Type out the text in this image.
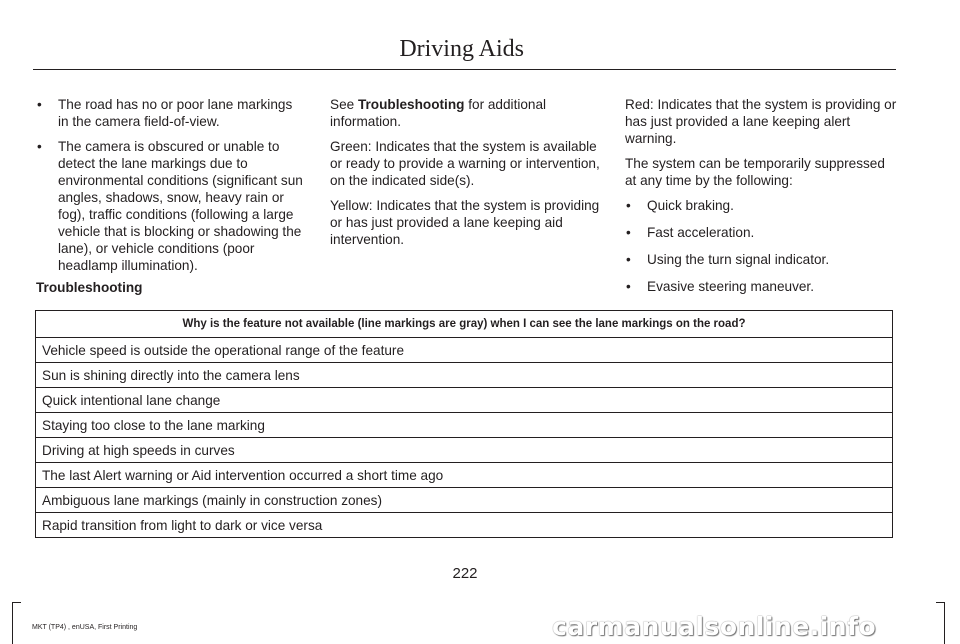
Driving Aids
• The road has no or poor lane markings in the camera field-of-view.
• The camera is obscured or unable to detect the lane markings due to environmental conditions (significant sun angles, shadows, snow, heavy rain or fog), traffic conditions (following a large vehicle that is blocking or shadowing the lane), or vehicle conditions (poor headlamp illumination).

See Troubleshooting for additional information.

Green: Indicates that the system is available or ready to provide a warning or intervention, on the indicated side(s).

Yellow: Indicates that the system is providing or has just provided a lane keeping aid intervention.

Red: Indicates that the system is providing or has just provided a lane keeping alert warning.

The system can be temporarily suppressed at any time by the following:

• Quick braking.
• Fast acceleration.
• Using the turn signal indicator.
• Evasive steering maneuver.
Troubleshooting
Why is the feature not available (line markings are gray) when I can see the lane markings on the road?
Vehicle speed is outside the operational range of the feature
Sun is shining directly into the camera lens
Quick intentional lane change
Staying too close to the lane marking
Driving at high speeds in curves
The last Alert warning or Aid intervention occurred a short time ago
Ambiguous lane markings (mainly in construction zones)
Rapid transition from light to dark or vice versa
222
MKT (TP4) , enUSA, First Printing	carmanualsonline.info
